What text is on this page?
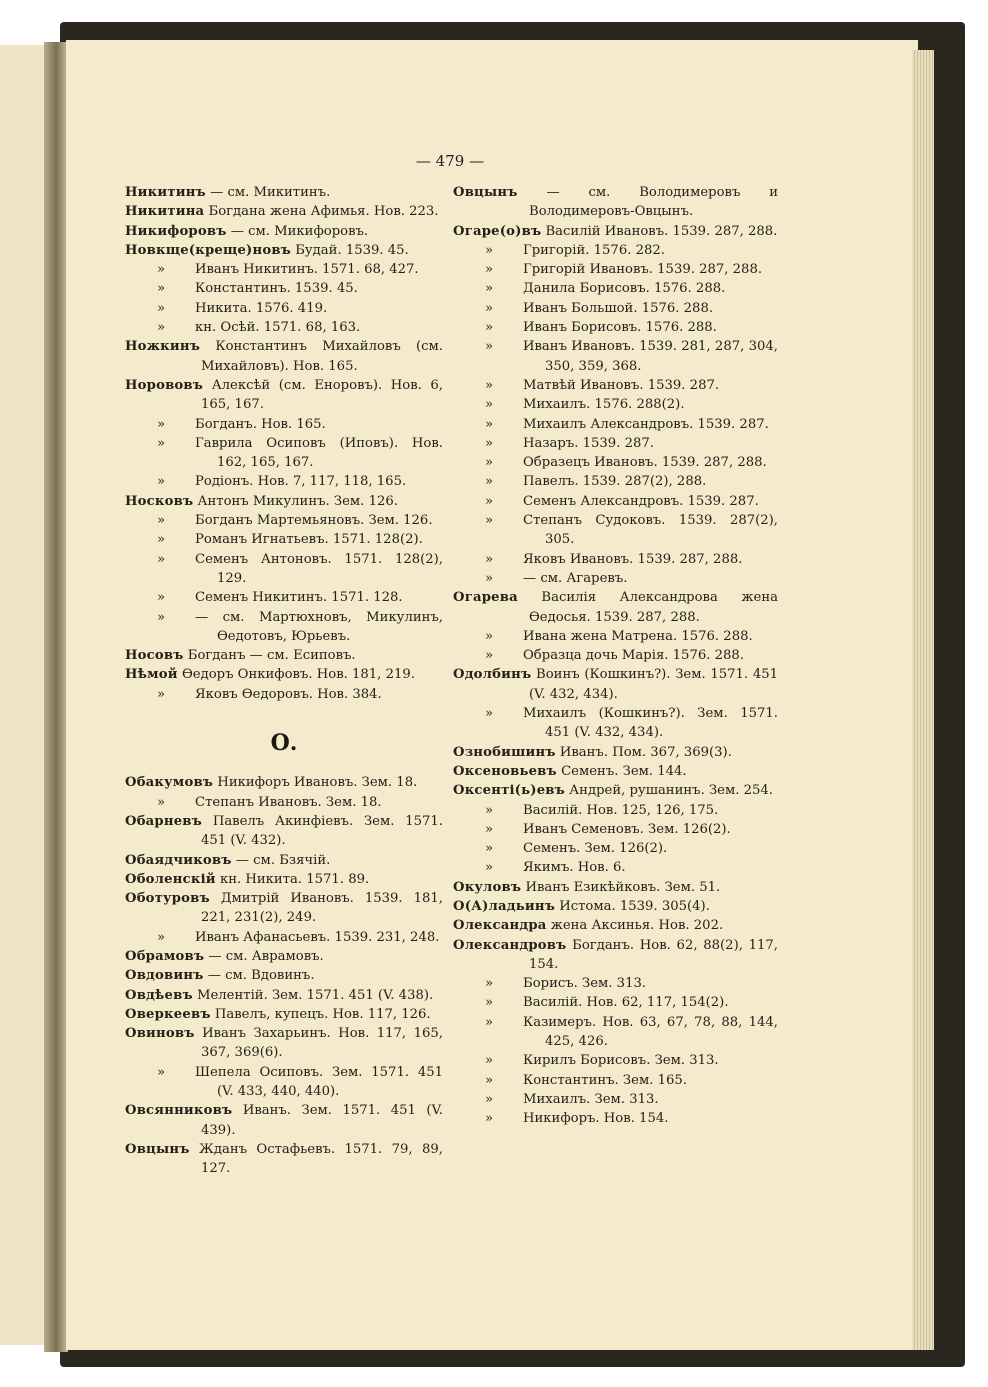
— 479 —
Никитинъ — см. Микитинъ.
Никитина Богдана жена Афимья. Нов. 223.
Никифоровъ — см. Микифоровъ.
Новкще(креще)новъ Будай. 1539. 45.
» Иванъ Никитинъ. 1571. 68, 427.
» Константинъ. 1539. 45.
» Никита. 1576. 419.
» кн. Осѣй. 1571. 68, 163.
Ножкинъ Константинъ Михайловъ (см. Михайловъ). Нов. 165.
Норововъ Алексѣй (см. Еноровъ). Нов. 6, 165, 167.
» Богданъ. Нов. 165.
» Гаврила Осиповъ (Иповъ). Нов. 162, 165, 167.
» Родіонъ. Нов. 7, 117, 118, 165.
Носковъ Антонъ Микулинъ. Зем. 126.
» Богданъ Мартемьяновъ. Зем. 126.
» Романъ Игнатьевъ. 1571. 128(2).
» Семенъ Антоновъ. 1571. 128(2), 129.
» Семенъ Никитинъ. 1571. 128.
» — см. Мартюхновъ, Микулинъ, Өедотовъ, Юрьевъ.
Носовъ Богданъ — см. Есиповъ.
Нѣмой Өедоръ Онкифовъ. Нов. 181, 219.
» Яковъ Өедоровъ. Нов. 384.
О.
Обакумовъ Никифоръ Ивановъ. Зем. 18.
» Степанъ Ивановъ. Зем. 18.
Обарневъ Павелъ Акинфіевъ. Зем. 1571. 451 (V. 432).
Обаядчиковъ — см. Бзячій.
Оболенскій кн. Никита. 1571. 89.
Оботуровъ Дмитрій Ивановъ. 1539. 181, 221, 231(2), 249.
» Иванъ Афанасьевъ. 1539. 231, 248.
Обрамовъ — см. Аврамовъ.
Овдовинъ — см. Вдовинъ.
Овдѣевъ Мелентій. Зем. 1571. 451 (V. 438).
Оверкеевъ Павелъ, купецъ. Нов. 117, 126.
Овиновъ Иванъ Захарьинъ. Нов. 117, 165, 367, 369(6).
» Шепела Осиповъ. Зем. 1571. 451 (V. 433, 440, 440).
Овсянниковъ Иванъ. Зем. 1571. 451 (V. 439).
Овцынъ Жданъ Остафьевъ. 1571. 79, 89, 127.
Овцынъ — см. Володимеровъ и Володимеровъ-Овцынъ.
Огаре(о)въ Василій Ивановъ. 1539. 287, 288.
» Григорій. 1576. 282.
» Григорій Ивановъ. 1539. 287, 288.
» Данила Борисовъ. 1576. 288.
» Иванъ Большой. 1576. 288.
» Иванъ Борисовъ. 1576. 288.
» Иванъ Ивановъ. 1539. 281, 287, 304, 350, 359, 368.
» Матвѣй Ивановъ. 1539. 287.
» Михаилъ. 1576. 288(2).
» Михаилъ Александровъ. 1539. 287.
» Назаръ. 1539. 287.
» Образецъ Ивановъ. 1539. 287, 288.
» Павелъ. 1539. 287(2), 288.
» Семенъ Александровъ. 1539. 287.
» Степанъ Судоковъ. 1539. 287(2), 305.
» Яковъ Ивановъ. 1539. 287, 288.
» — см. Агаревъ.
Огарева Василія Александрова жена Өедосья. 1539. 287, 288.
» Ивана жена Матрена. 1576. 288.
» Образца дочь Марія. 1576. 288.
Одолбинъ Воинъ (Кошкинъ?). Зем. 1571. 451 (V. 432, 434).
» Михаилъ (Кошкинъ?). Зем. 1571. 451 (V. 432, 434).
Ознобишинъ Иванъ. Пом. 367, 369(3).
Оксеновьевъ Семенъ. Зем. 144.
Оксенті(ь)евъ Андрей, рушанинъ. Зем. 254.
» Василій. Нов. 125, 126, 175.
» Иванъ Семеновъ. Зем. 126(2).
» Семенъ. Зем. 126(2).
» Якимъ. Нов. 6.
Окуловъ Иванъ Езикѣйковъ. Зем. 51.
О(А)ладьинъ Истома. 1539. 305(4).
Олександра жена Аксинья. Нов. 202.
Олександровъ Богданъ. Нов. 62, 88(2), 117, 154.
» Борисъ. Зем. 313.
» Василій. Нов. 62, 117, 154(2).
» Казимеръ. Нов. 63, 67, 78, 88, 144, 425, 426.
» Кирилъ Борисовъ. Зем. 313.
» Константинъ. Зем. 165.
» Михаилъ. Зем. 313.
» Никифоръ. Нов. 154.
